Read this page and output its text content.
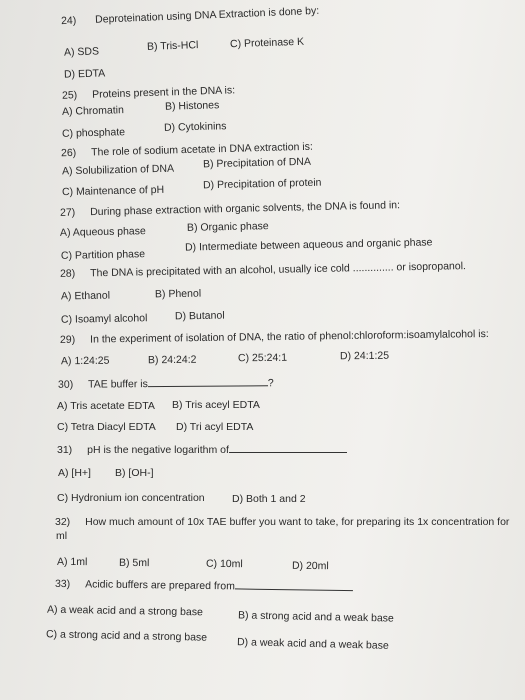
24) Deproteination using DNA Extraction is done by:
A) SDS	B) Tris-HCl	C) Proteinase K
D) EDTA
25) Proteins present in the DNA is:
A) Chromatin	B) Histones
C) phosphate	D) Cytokinins
26) The role of sodium acetate in DNA extraction is:
A) Solubilization of DNA	B) Precipitation of DNA
C) Maintenance of pH	D) Precipitation of protein
27) During phase extraction with organic solvents, the DNA is found in:
A) Aqueous phase	B) Organic phase
C) Partition phase
D) Intermediate between aqueous and organic phase
28) The DNA is precipitated with an alcohol, usually ice cold .............. or isopropanol.
A) Ethanol	B) Phenol
C) Isoamyl alcohol	D) Butanol
29) In the experiment of isolation of DNA, the ratio of phenol:chloroform:isoamylalcohol is:
A) 1:24:25	B) 24:24:2	C) 25:24:1	D) 24:1:25
30) TAE buffer is	?
A) Tris acetate EDTA B) Tris aceyl EDTA
C) Tetra Diacyl EDTA D) Tri acyl EDTA
31) pH is the negative logarithm of
A) [H+] B) [OH-]
C) Hydronium ion concentration	D) Both 1 and 2
32) How much amount of 10x TAE buffer you want to take, for preparing its 1x concentration for
ml
A) 1ml	B) 5ml	C) 10ml	D) 20ml
33) Acidic buffers are prepared from
A) a weak acid and a strong base	B) a strong acid and a weak base
C) a strong acid and a strong base
D) a weak acid and a weak base
